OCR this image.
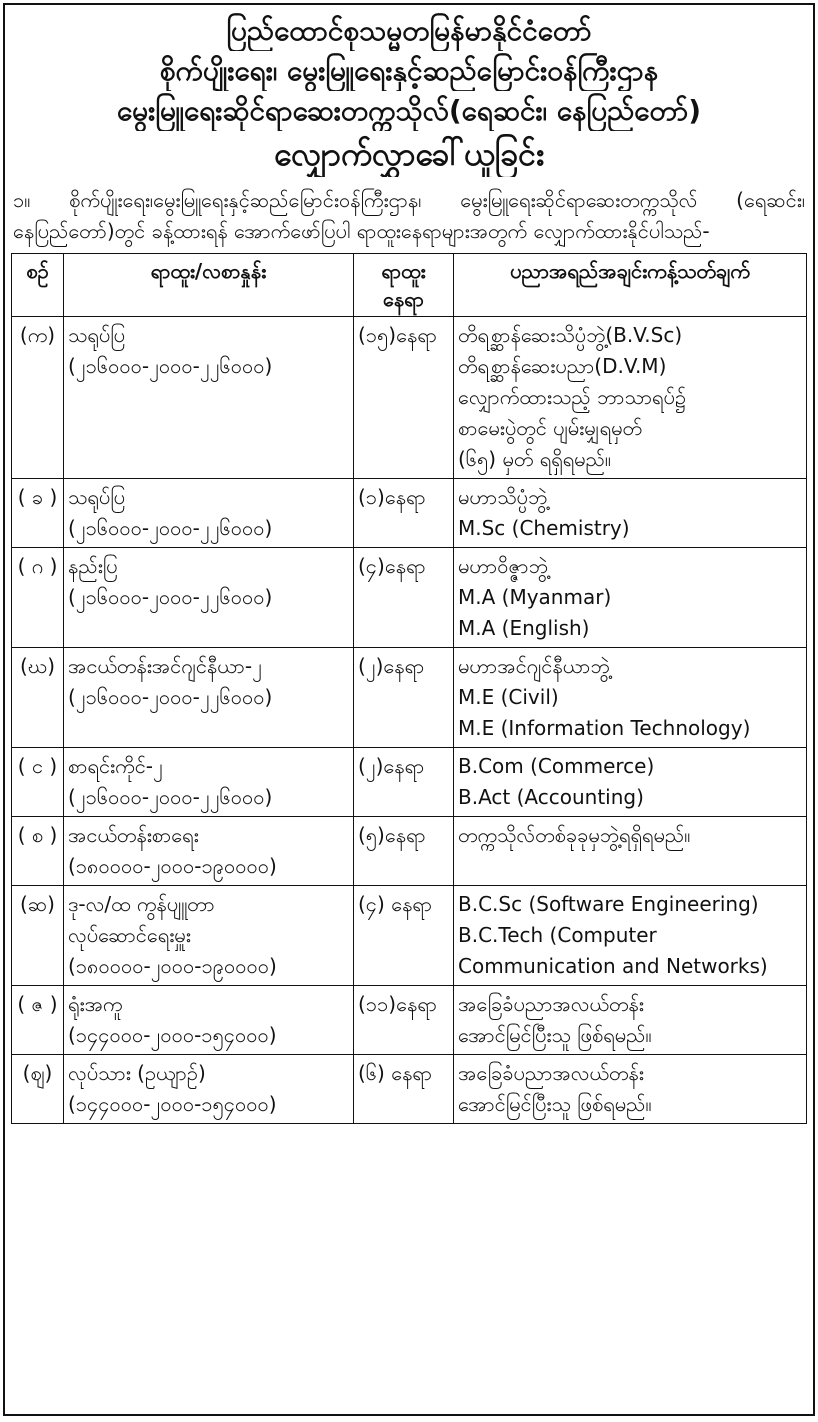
ပြည်ထောင်စုသမ္မတမြန်မာနိုင်ငံတော်
စိုက်ပျိုးရေး၊ မွေးမြူရေးနှင့်ဆည်မြောင်းဝန်ကြီးဌာန
မွေးမြူရေးဆိုင်ရာဆေးတက္ကသိုလ်(ရေဆင်း၊ နေပြည်တော်)
လျှောက်လွှာခေါ်ယူခြင်း
၁။ စိုက်ပျိုးရေး၊မွေးမြူရေးနှင့်ဆည်မြောင်းဝန်ကြီးဌာန၊ မွေးမြူရေးဆိုင်ရာဆေးတက္ကသိုလ် (ရေဆင်း၊ နေပြည်တော်)တွင် ခန့်ထားရန် အောက်ဖော်ပြပါ ရာထူးနေရာများအတွက် လျှောက်ထားနိုင်ပါသည်-
စဉ်	ရာထူး/လစာနှုန်း	ရာထူး နေရာ	ပညာအရည်အချင်းကန့်သတ်ချက်
(က)	သရုပ်ပြ
(၂၁၆၀၀၀-၂၀၀၀-၂၂၆၀၀၀)	(၁၅)နေရာ	တိရစ္ဆာန်ဆေးသိပ္ပံဘွဲ့(B.V.Sc)
တိရစ္ဆာန်ဆေးပညာ(D.V.M)
လျှောက်ထားသည့် ဘာသာရပ်၌
စာမေးပွဲတွင် ပျမ်းမျှရမှတ်
(၆၅) မှတ် ရရှိရမည်။

( ခ )	သရုပ်ပြ
(၂၁၆၀၀၀-၂၀၀၀-၂၂၆၀၀၀)	(၁)နေရာ	မဟာသိပ္ပံဘွဲ့
M.Sc (Chemistry)

( ဂ )	နည်းပြ
(၂၁၆၀၀၀-၂၀၀၀-၂၂၆၀၀၀)	(၄)နေရာ	မဟာဝိဇ္ဇာဘွဲ့
M.A (Myanmar)
M.A (English)

(ဃ)	အငယ်တန်းအင်ဂျင်နီယာ-၂
(၂၁၆၀၀၀-၂၀၀၀-၂၂၆၀၀၀)	(၂)နေရာ	မဟာအင်ဂျင်နီယာဘွဲ့
M.E (Civil)
M.E (Information Technology)

( င )	စာရင်းကိုင်-၂
(၂၁၆၀၀၀-၂၀၀၀-၂၂၆၀၀၀)	(၂)နေရာ	B.Com (Commerce)
B.Act (Accounting)

( စ )	အငယ်တန်းစာရေး
(၁၈၀၀၀၀-၂၀၀၀-၁၉၀၀၀၀)	(၅)နေရာ	တက္ကသိုလ်တစ်ခုခုမှဘွဲ့ရရှိရမည်။

(ဆ)	ဒု-လ/ထ ကွန်ပျူတာ
လုပ်ဆောင်ရေးမှူး
(၁၈၀၀၀၀-၂၀၀၀-၁၉၀၀၀၀)	(၄) နေရာ	B.C.Sc (Software Engineering)
B.C.Tech (Computer
Communication and Networks)

( ဇ )	ရုံးအကူ
(၁၄၄၀၀၀-၂၀၀၀-၁၅၄၀၀၀)	(၁၁)နေရာ	အခြေခံပညာအလယ်တန်း
အောင်မြင်ပြီးသူ ဖြစ်ရမည်။

(ဈ)	လုပ်သား (ဥယျာဉ်)
(၁၄၄၀၀၀-၂၀၀၀-၁၅၄၀၀၀)	(၆) နေရာ	အခြေခံပညာအလယ်တန်း
အောင်မြင်ပြီးသူ ဖြစ်ရမည်။
